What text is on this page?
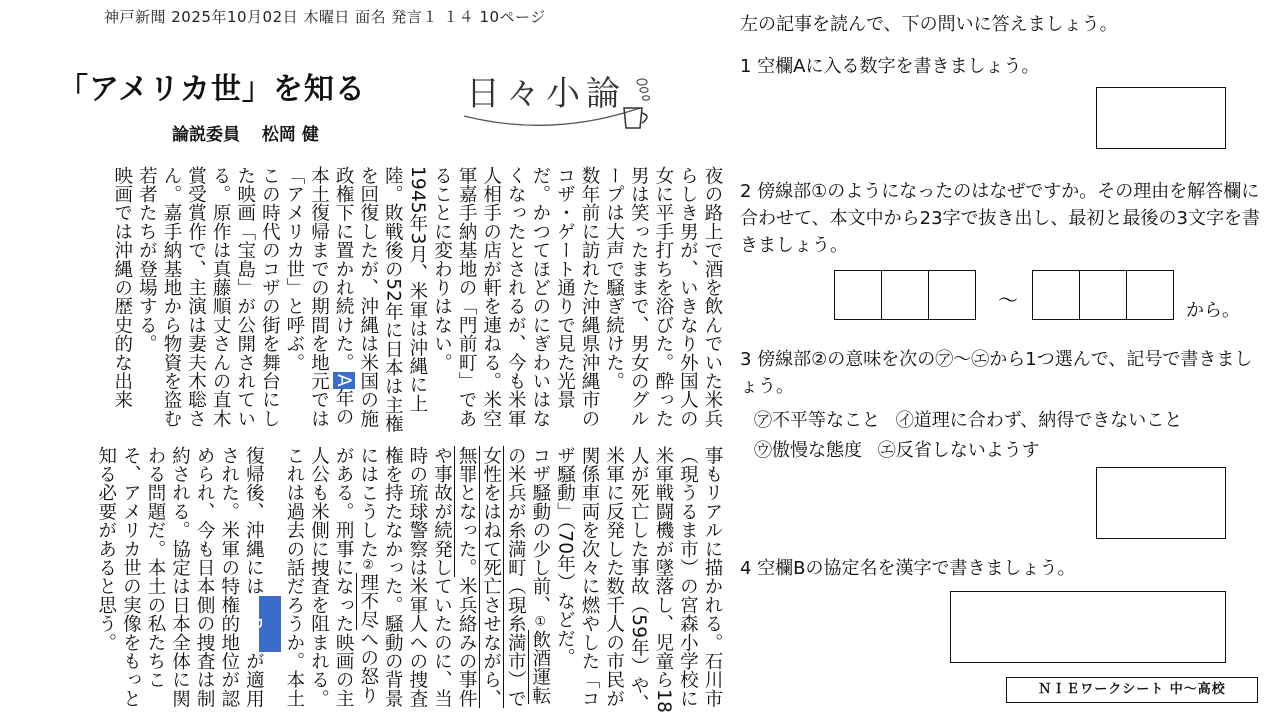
神戸新聞 2025年10月02日 木曜日 面名 発言１ １４ 10ページ
「アメリカ世」を知る	日々小論
論説委員 松岡 健

夜の路上で酒を飲んでいた米兵らしき男が、いきなり外国人の女に平手打ちを浴びた。酔った男は笑ったままで、男女のグループは大声で騒ぎ続けた。

数年前に訪れた沖縄県沖縄市のコザ・ゲート通りで見た光景だ。かつてほどのにぎわいはなくなったとされるが、今も米軍人相手の店が軒を連ねる。米空軍嘉手納基地の「門前町」であることに変わりはない。

1945年3月、米軍は沖縄に上陸。敗戦後の52年に日本は主権を回復したが、沖縄は米国の施政権下に置かれ続けた。A年の本土復帰までの期間を地元では「アメリカ世」と呼ぶ。

この時代のコザの街を舞台にした映画「宝島」が公開されている。原作は真藤順丈さんの直木賞受賞作で、主演は妻夫木聡さん。嘉手納基地から物資を盗む若者たちが登場する。

映画では沖縄の歴史的な出来

事もリアルに描かれる。石川市（現うるま市）の宮森小学校に米軍戦闘機が墜落し、児童ら18人が死亡した事故（59年）や、米軍に反発した数千人の市民が関係車両を次々に燃やした「コザ騒動」（70年）などだ。

コザ騒動の少し前、①飲酒運転の米兵が糸満町（現糸満市）で女性をはねて死亡させながら、無罪となった。米兵絡みの事件や事故が続発していたのに、当時の琉球警察は米軍人への捜査権を持たなかった。騒動の背景にはこうした②理不尽への怒りがある。刑事になった映画の主人公も米側に捜査を阻まれる。

これは過去の話だろうか。本土復帰後、沖縄にはBが適用された。米軍の特権的地位が認められ、今も日本側の捜査は制約される。協定は日本全体に関わる問題だ。本土の私たちこそ、アメリカ世の実像をもっと知る必要があると思う。

左の記事を読んで、下の問いに答えましょう。
1 空欄Aに入る数字を書きましょう。
2 傍線部①のようになったのはなぜですか。その理由を解答欄に合わせて、本文中から23字で抜き出し、最初と最後の3文字を書きましょう。
〜	から。
3 傍線部②の意味を次の㋐〜㋓から1つ選んで、記号で書きましょう。
㋐不平等なこと ㋑道理に合わず、納得できないこと
㋒傲慢な態度 ㋓反省しないようす
4 空欄Bの協定名を漢字で書きましょう。
ＮＩＥワークシート 中〜高校
